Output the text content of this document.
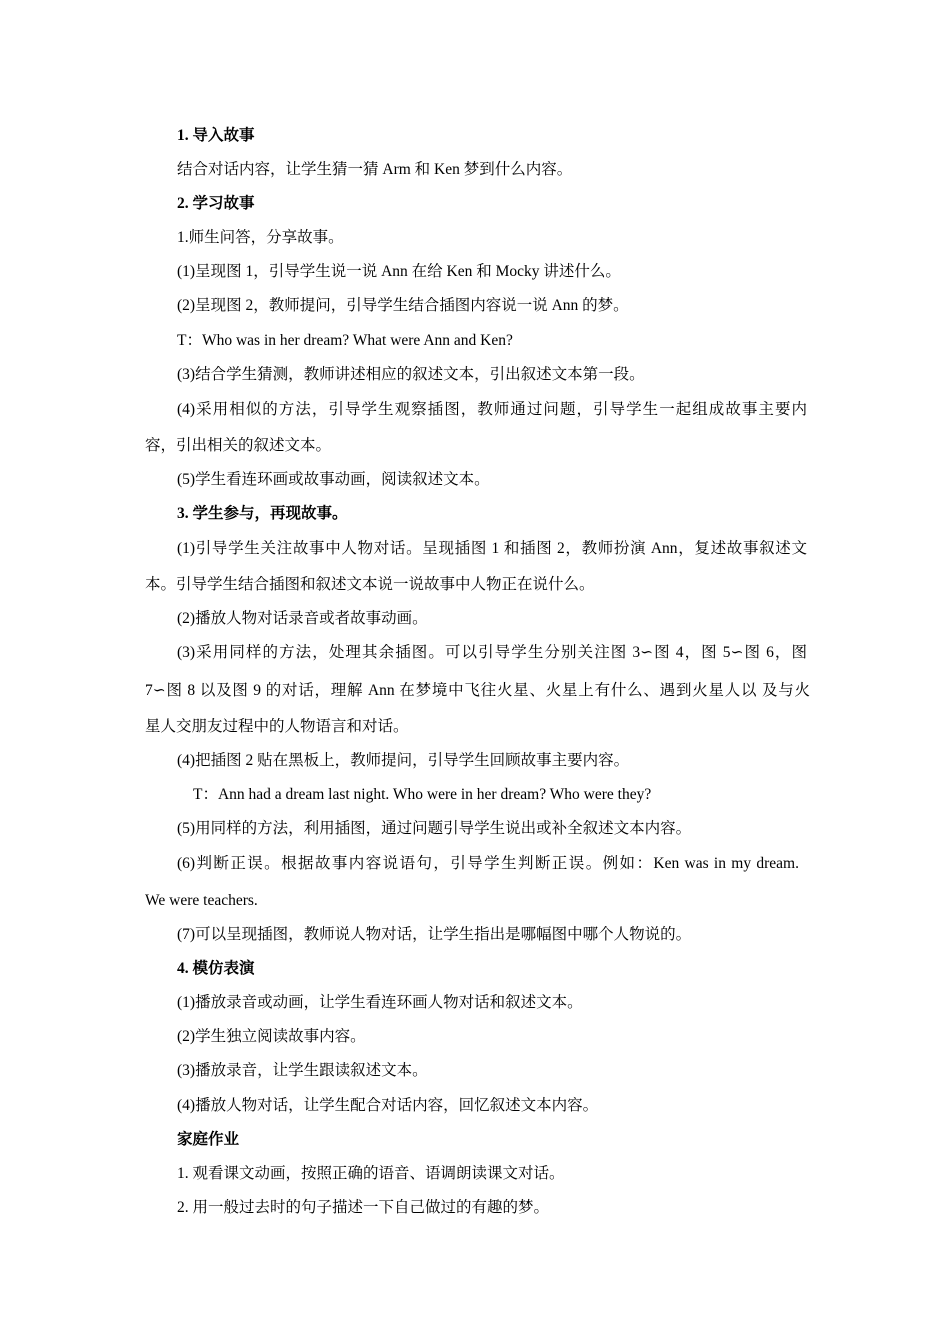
1. 导入故事
结合对话内容，让学生猜一猜 Arm 和 Ken 梦到什么内容。
2. 学习故事
1.师生问答，分享故事。
(1)呈现图 1，引导学生说一说 Ann 在给 Ken 和 Mocky 讲述什么。
(2)呈现图 2，教师提问，引导学生结合插图内容说一说 Ann 的梦。
T：Who was in her dream? What were Ann and Ken?
(3)结合学生猜测，教师讲述相应的叙述文本，引出叙述文本第一段。
(4)采用相似的方法，引导学生观察插图，教师通过问题，引导学生一起组成故事主要内
容，引出相关的叙述文本。
(5)学生看连环画或故事动画，阅读叙述文本。
3. 学生参与，再现故事。
(1)引导学生关注故事中人物对话。呈现插图 1 和插图 2，教师扮演 Ann，复述故事叙述文
本。引导学生结合插图和叙述文本说一说故事中人物正在说什么。
(2)播放人物对话录音或者故事动画。
(3)采用同样的方法，处理其余插图。可以引导学生分别关注图 3∽图 4，图 5∽图 6，图
7∽图 8 以及图 9 的对话，理解 Ann 在梦境中飞往火星、火星上有什么、遇到火星人以 及与火
星人交朋友过程中的人物语言和对话。
(4)把插图 2 贴在黑板上，教师提问，引导学生回顾故事主要内容。
T：Ann had a dream last night. Who were in her dream? Who were they?
(5)用同样的方法，利用插图，通过问题引导学生说出或补全叙述文本内容。
(6)判断正误。根据故事内容说语句，引导学生判断正误。例如：Ken was in my dream.
We were teachers.
(7)可以呈现插图，教师说人物对话，让学生指出是哪幅图中哪个人物说的。
4. 模仿表演
(1)播放录音或动画，让学生看连环画人物对话和叙述文本。
(2)学生独立阅读故事内容。
(3)播放录音，让学生跟读叙述文本。
(4)播放人物对话，让学生配合对话内容，回忆叙述文本内容。
家庭作业
1. 观看课文动画，按照正确的语音、语调朗读课文对话。
2. 用一般过去时的句子描述一下自己做过的有趣的梦。
